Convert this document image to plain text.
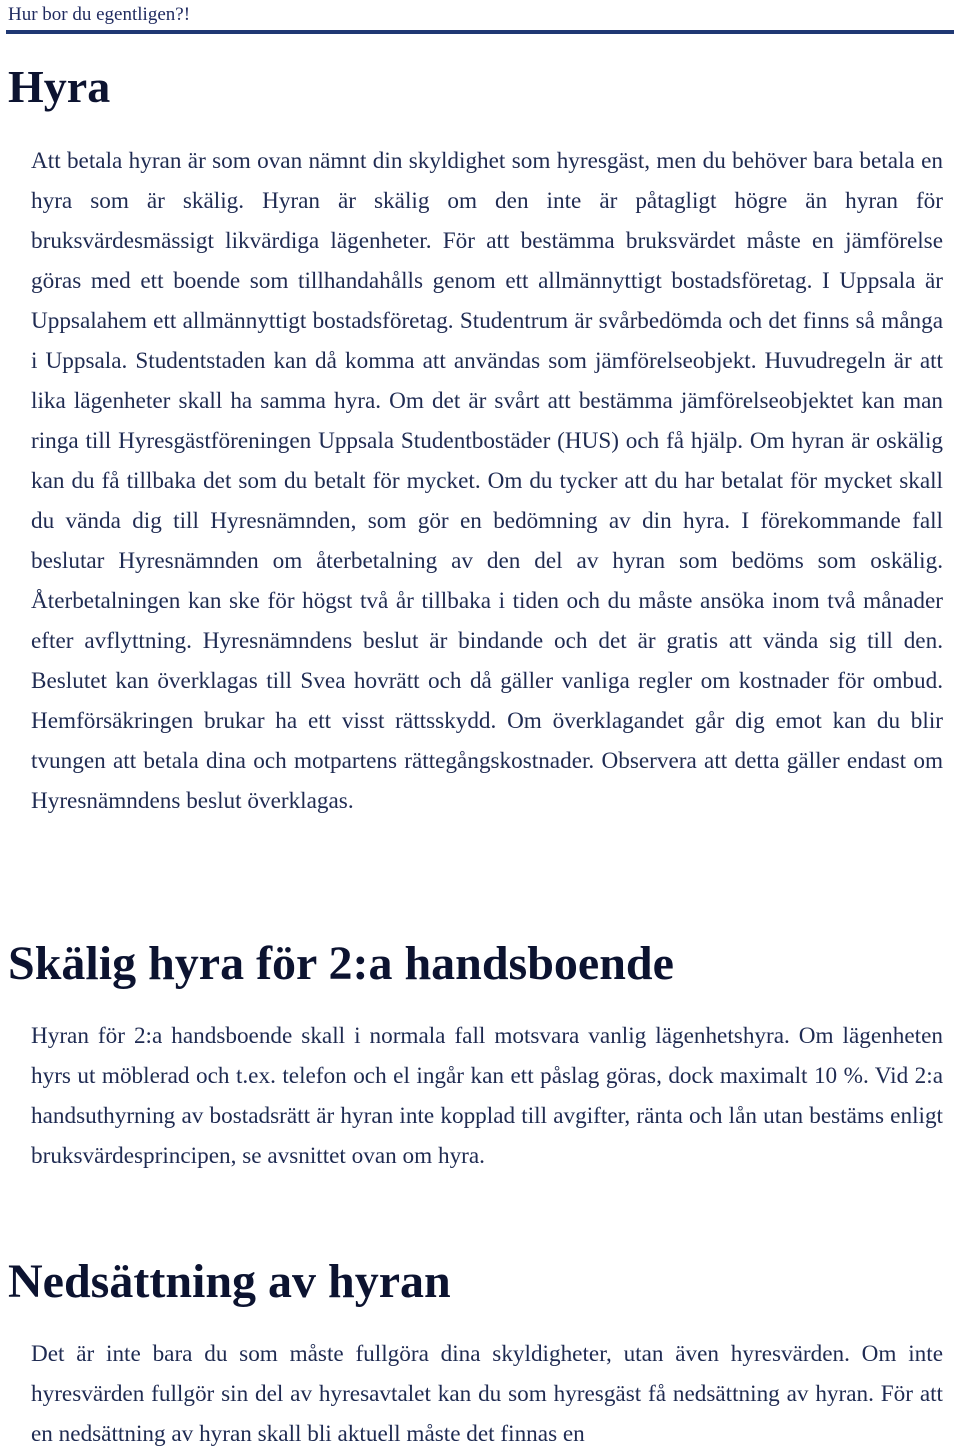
Hur bor du egentligen?!
Hyra

Att betala hyran är som ovan nämnt din skyldighet som hyresgäst, men du behöver bara betala en hyra som är skälig. Hyran är skälig om den inte är påtagligt högre än hyran för bruksvärdesmässigt likvärdiga lägenheter. För att bestämma bruksvärdet måste en jämförelse göras med ett boende som tillhandahålls genom ett allmännyttigt bostadsföretag. I Uppsala är Uppsalahem ett allmännyttigt bostadsföretag. Studentrum är svårbedömda och det finns så många i Uppsala. Studentstaden kan då komma att användas som jämförelseobjekt. Huvudregeln är att lika lägenheter skall ha samma hyra. Om det är svårt att bestämma jämförelseobjektet kan man ringa till Hyresgästföreningen Uppsala Studentbostäder (HUS) och få hjälp. Om hyran är oskälig kan du få tillbaka det som du betalt för mycket. Om du tycker att du har betalat för mycket skall du vända dig till Hyresnämnden, som gör en bedömning av din hyra. I förekommande fall beslutar Hyresnämnden om återbetalning av den del av hyran som bedöms som oskälig. Återbetalningen kan ske för högst två år tillbaka i tiden och du måste ansöka inom två månader efter avflyttning. Hyresnämndens beslut är bindande och det är gratis att vända sig till den. Beslutet kan överklagas till Svea hovrätt och då gäller vanliga regler om kostnader för ombud. Hemförsäkringen brukar ha ett visst rättsskydd. Om överklagandet går dig emot kan du blir tvungen att betala dina och motpartens rättegångskostnader. Observera att detta gäller endast om Hyresnämndens beslut överklagas.

Skälig hyra för 2:a handsboende

Hyran för 2:a handsboende skall i normala fall motsvara vanlig lägenhetshyra. Om lägenheten hyrs ut möblerad och t.ex. telefon och el ingår kan ett påslag göras, dock maximalt 10 %. Vid 2:a handsuthyrning av bostadsrätt är hyran inte kopplad till avgifter, ränta och lån utan bestäms enligt bruksvärdesprincipen, se avsnittet ovan om hyra.

Nedsättning av hyran

Det är inte bara du som måste fullgöra dina skyldigheter, utan även hyresvärden. Om inte hyresvärden fullgör sin del av hyresavtalet kan du som hyresgäst få nedsättning av hyran. För att en nedsättning av hyran skall bli aktuell måste det finnas en
